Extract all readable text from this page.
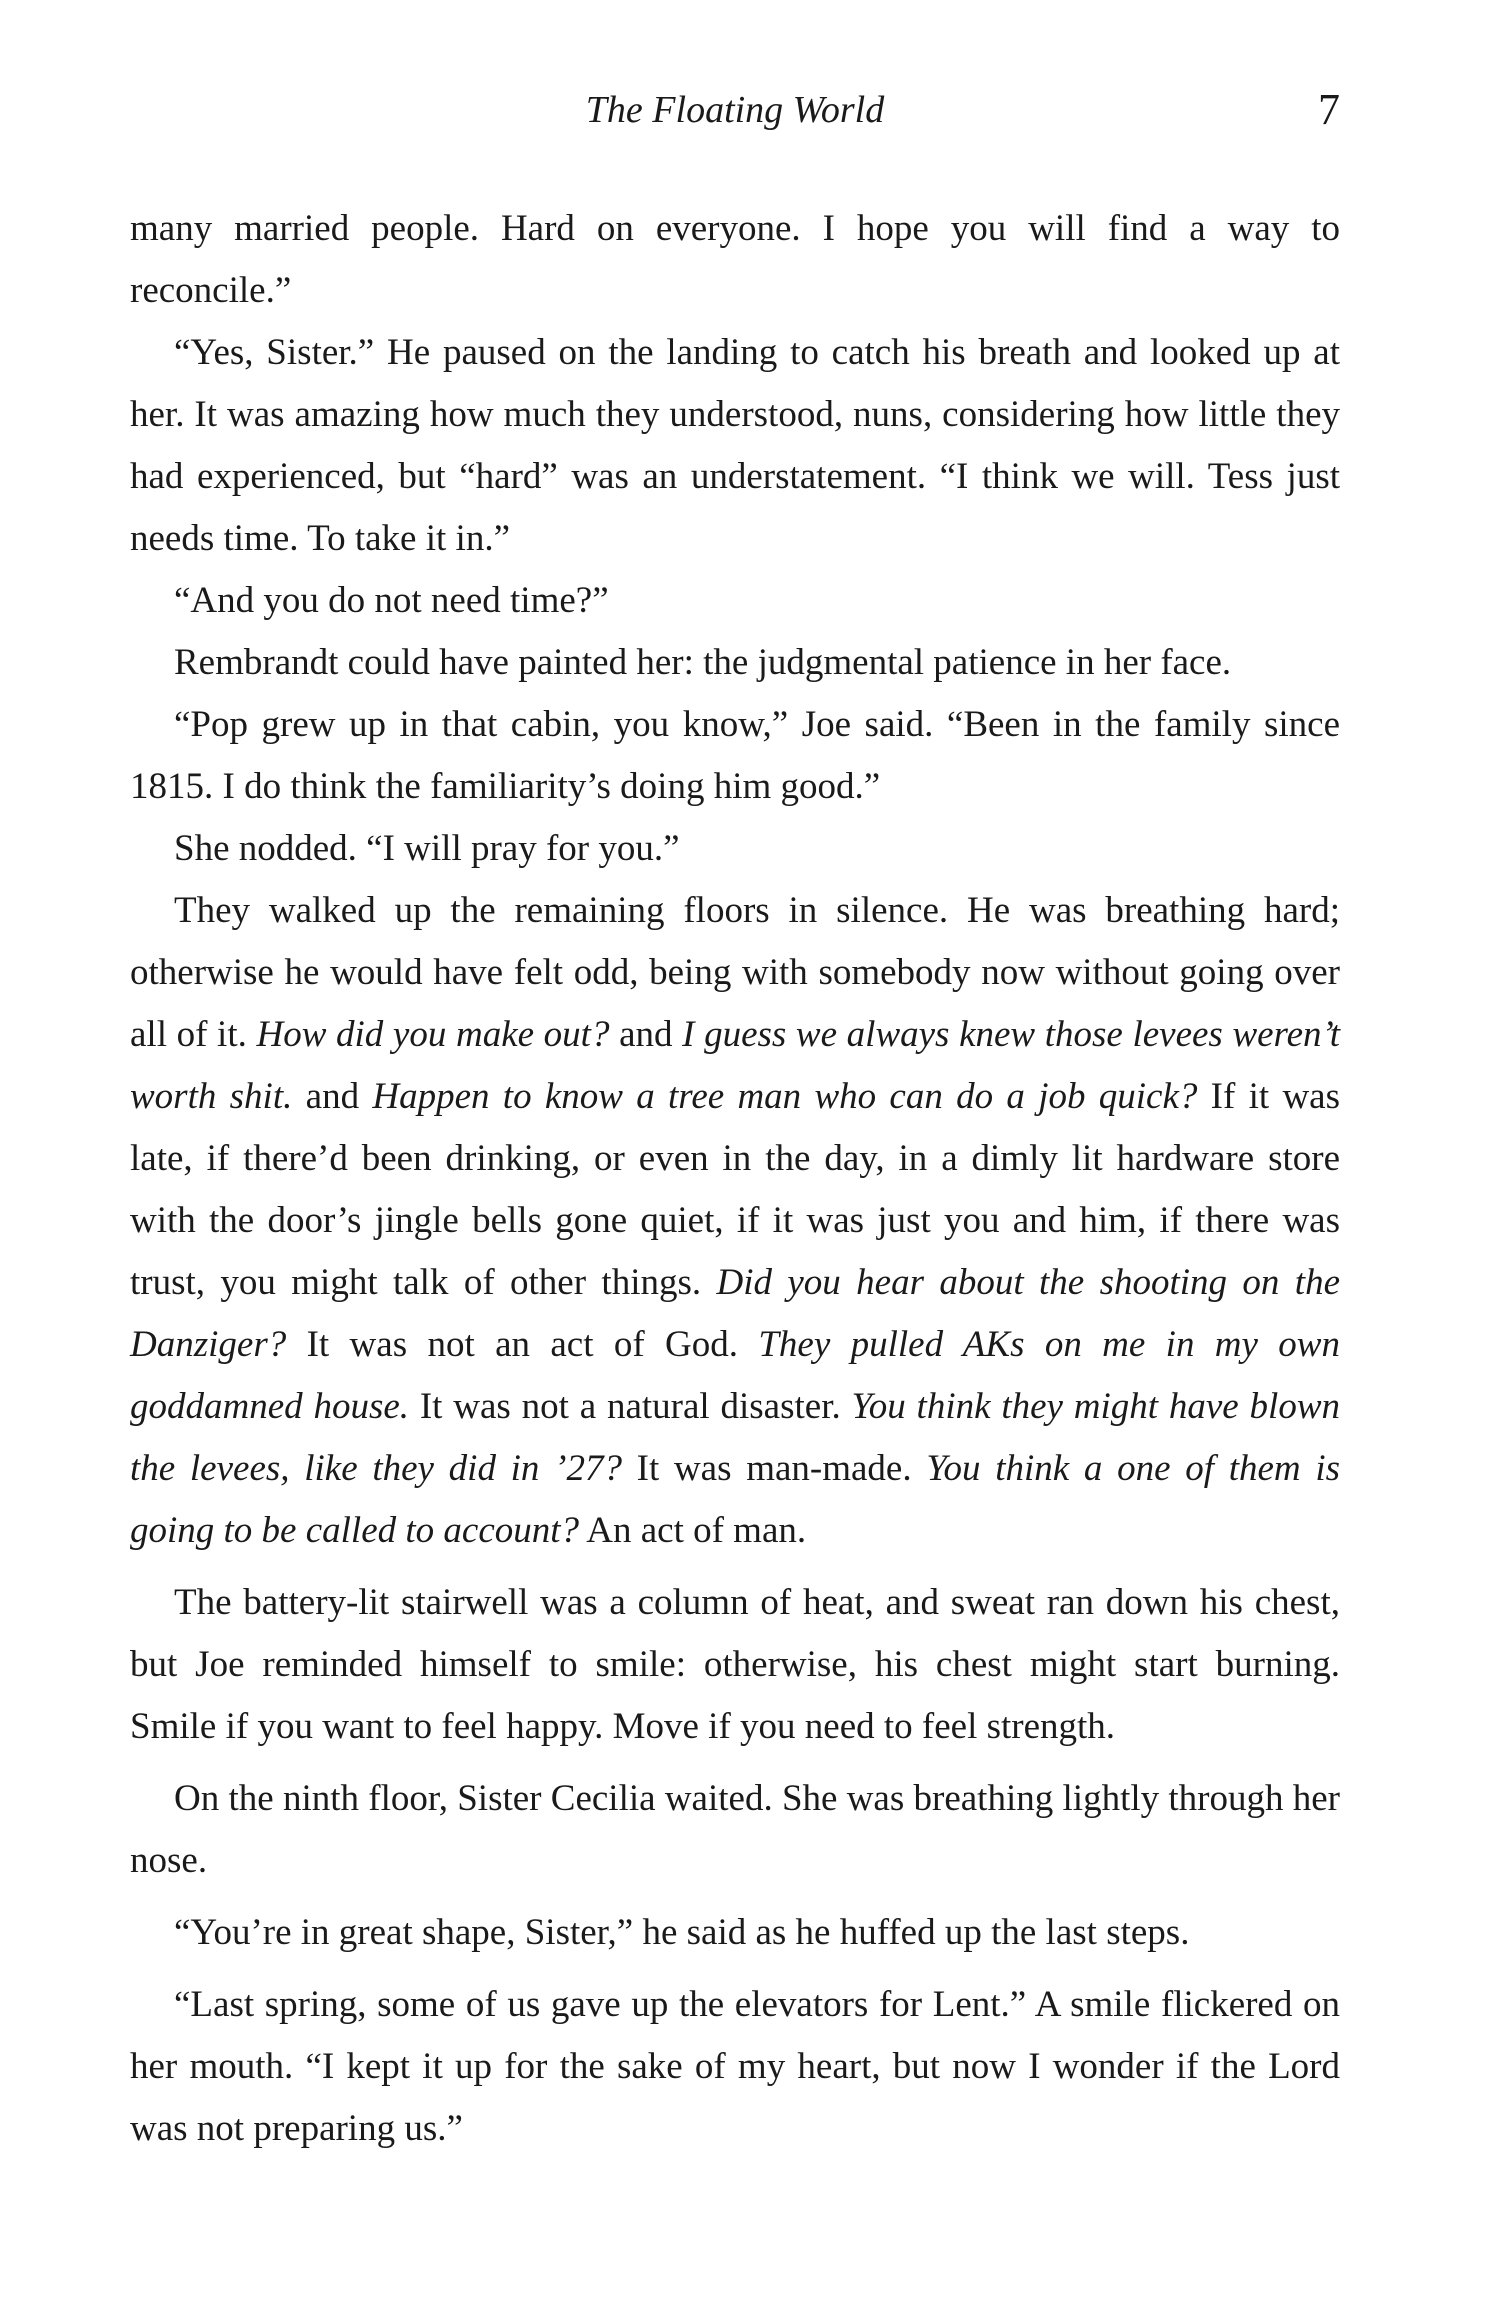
The Floating World	7

many married people. Hard on everyone. I hope you will find a way to reconcile.”

“Yes, Sister.” He paused on the landing to catch his breath and looked up at her. It was amazing how much they understood, nuns, considering how little they had experienced, but “hard” was an understatement. “I think we will. Tess just needs time. To take it in.”

“And you do not need time?”

Rembrandt could have painted her: the judgmental patience in her face.

“Pop grew up in that cabin, you know,” Joe said. “Been in the family since 1815. I do think the familiarity’s doing him good.”

She nodded. “I will pray for you.”

They walked up the remaining floors in silence. He was breathing hard; otherwise he would have felt odd, being with somebody now without going over all of it. How did you make out? and I guess we always knew those levees weren’t worth shit. and Happen to know a tree man who can do a job quick? If it was late, if there’d been drinking, or even in the day, in a dimly lit hardware store with the door’s jingle bells gone quiet, if it was just you and him, if there was trust, you might talk of other things. Did you hear about the shooting on the Danziger? It was not an act of God. They pulled AKs on me in my own goddamned house. It was not a natural disaster. You think they might have blown the levees, like they did in ’27? It was man-made. You think a one of them is going to be called to account? An act of man.

The battery-lit stairwell was a column of heat, and sweat ran down his chest, but Joe reminded himself to smile: otherwise, his chest might start burning. Smile if you want to feel happy. Move if you need to feel strength.

On the ninth floor, Sister Cecilia waited. She was breathing lightly through her nose.

“You’re in great shape, Sister,” he said as he huffed up the last steps.

“Last spring, some of us gave up the elevators for Lent.” A smile flickered on her mouth. “I kept it up for the sake of my heart, but now I wonder if the Lord was not preparing us.”
